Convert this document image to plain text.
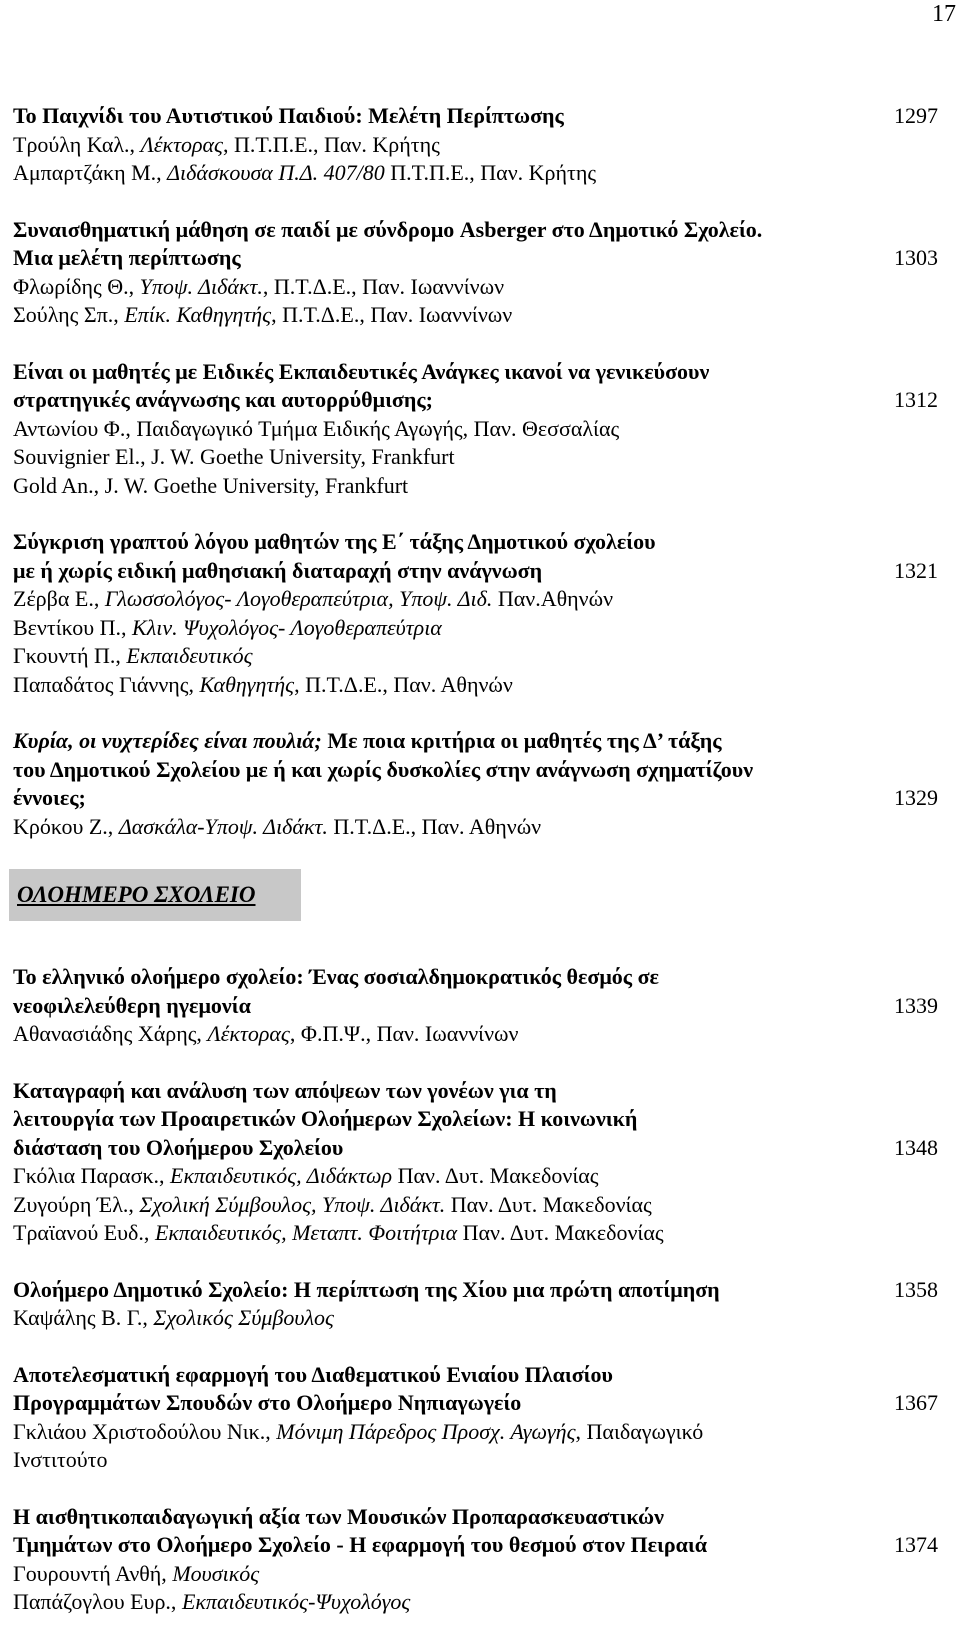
17
Το Παιχνίδι του Αυτιστικού Παιδιού: Μελέτη Περίπτωσης	1297
Τρούλη Καλ., Λέκτορας, Π.Τ.Π.Ε., Παν. Κρήτης
Αμπαρτζάκη Μ., Διδάσκουσα Π.Δ. 407/80 Π.Τ.Π.Ε., Παν. Κρήτης
Συναισθηματική μάθηση σε παιδί με σύνδρομο Asberger στο Δημοτικό Σχολείο.
Μια μελέτη περίπτωσης	1303
Φλωρίδης Θ., Υποψ. Διδάκτ., Π.Τ.Δ.Ε., Παν. Ιωαννίνων
Σούλης Σπ., Επίκ. Καθηγητής, Π.Τ.Δ.Ε., Παν. Ιωαννίνων
Είναι οι μαθητές με Ειδικές Εκπαιδευτικές Ανάγκες ικανοί να γενικεύσουν
στρατηγικές ανάγνωσης και αυτορρύθμισης;	1312
Αντωνίου Φ., Παιδαγωγικό Τμήμα Ειδικής Αγωγής, Παν. Θεσσαλίας
Souvignier El., J. W. Goethe University, Frankfurt
Gold An., J. W. Goethe University, Frankfurt
Σύγκριση γραπτού λόγου μαθητών της Ε΄ τάξης Δημοτικού σχολείου
με ή χωρίς ειδική μαθησιακή διαταραχή στην ανάγνωση	1321
Ζέρβα Ε., Γλωσσολόγος- Λογοθεραπεύτρια, Υποψ. Διδ. Παν.Αθηνών
Βεντίκου Π., Κλιν. Ψυχολόγος- Λογοθεραπεύτρια
Γκουντή Π., Εκπαιδευτικός
Παπαδάτος Γιάννης, Καθηγητής, Π.Τ.Δ.Ε., Παν. Αθηνών
Κυρία, οι νυχτερίδες είναι πουλιά; Με ποια κριτήρια οι μαθητές της Δ’ τάξης
του Δημοτικού Σχολείου με ή και χωρίς δυσκολίες στην ανάγνωση σχηματίζουν
έννοιες;	1329
Κρόκου Ζ., Δασκάλα-Υποψ. Διδάκτ. Π.Τ.Δ.Ε., Παν. Αθηνών
ΟΛΟΗΜΕΡΟ ΣΧΟΛΕΙΟ
Το ελληνικό ολοήμερο σχολείο: Ένας σοσιαλδημοκρατικός θεσμός σε
νεοφιλελεύθερη ηγεμονία	1339
Αθανασιάδης Χάρης, Λέκτορας, Φ.Π.Ψ., Παν. Ιωαννίνων
Καταγραφή και ανάλυση των απόψεων των γονέων για τη
λειτουργία των Προαιρετικών Ολοήμερων Σχολείων: Η κοινωνική
διάσταση του Ολοήμερου Σχολείου	1348
Γκόλια Παρασκ., Εκπαιδευτικός, Διδάκτωρ Παν. Δυτ. Μακεδονίας
Ζυγούρη Έλ., Σχολική Σύμβουλος, Υποψ. Διδάκτ. Παν. Δυτ. Μακεδονίας
Τραϊανού Ευδ., Εκπαιδευτικός, Μεταπτ. Φοιτήτρια Παν. Δυτ. Μακεδονίας
Ολοήμερο Δημοτικό Σχολείο: Η περίπτωση της Χίου μια πρώτη αποτίμηση	1358
Καψάλης Β. Γ., Σχολικός Σύμβουλος
Αποτελεσματική εφαρμογή του Διαθεματικού Ενιαίου Πλαισίου
Προγραμμάτων Σπουδών στο Ολοήμερο Νηπιαγωγείο	1367
Γκλιάου Χριστοδούλου Νικ., Μόνιμη Πάρεδρος Προσχ. Αγωγής, Παιδαγωγικό
Ινστιτούτο
Η αισθητικοπαιδαγωγική αξία των Μουσικών Προπαρασκευαστικών
Τμημάτων στο Ολοήμερο Σχολείο - Η εφαρμογή του θεσμού στον Πειραιά	1374
Γουρουντή Ανθή, Μουσικός
Παπάζογλου Ευρ., Εκπαιδευτικός-Ψυχολόγος
